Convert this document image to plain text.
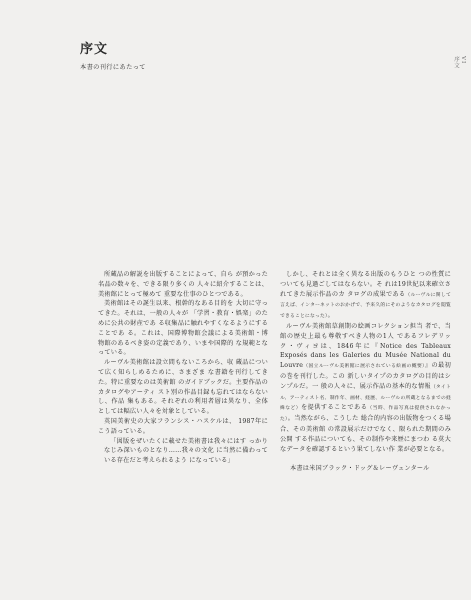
序文
本書の刊行にあたって
VI
序文

所蔵品の解説を出版することによって、自ら が預かった名品の数々を、できる限り多くの 人々に紹介することは、美術館にとって極めて 重要な仕事のひとつである。

美術館はその誕生以来、根幹的なある目的を 大切に守ってきた。それは、一般の人々が 「学習・教育・娯楽」のために公共の財産であ る収集品に触れやすくなるようにすることであ る。これは、国際博物館会議による美術館・博 物館のあるべき姿の定義であり、いまや国際的 な規範となっている。

ルーヴル美術館は設立間もないころから、収 蔵品について広く知らしめるために、さまざま な書籍を刊行してきた。特に重要なのは美術館 のガイドブックだ。主要作品のカタログやアーティ スト別の作品目録も忘れてはならないし、作品 集もある。それぞれの利用者層は異なり、全体 としては幅広い人々を対象としている。

英国美術史の大家フランシス・ハスケルは、 1987年にこう語っている。

「図版をぜいたくに載せた美術書は我々にはす っかりなじみ深いものとなり……我々の文化 に当然に備わっている存在だと考えられるよう になっている」

しかし、それとは全く異なる出版のもうひと つの性質についても見過ごしてはならない。そ れは19世紀以来確立されてきた展示作品のカ タログの成果である（ルーヴルに関して言えば、インターネットのおかげで、予来久的にそのようなカタログを閲覧できることになった）。

ルーヴル美術館草創期の絵画コレクション担当 者で、当館の歴史上最も尊敬すべき人物の1人 であるフレデリック・ヴィヨは、1846年に『Notice des Tableaux Exposés dans les Galeries du Musée National du Louvre（国立ルーヴル美術館に展示されている絵画の概要）』の最初の巻を刊行した。この 新しいタイプのカタログの目的はシンプルだ。一 般の人々に、展示作品の基本的な情報（タイトル、アーティスト名、制作年、画材、経歴、ルーヴルの所蔵となるまでの経緯など）を提供することである（当時、作品写真は提供されなかった）。当然ながら、こうした 総合的内容の出版物をつくる場合、その美術館 の常設展示だけでなく、限られた期間のみ公開 する作品についても、その制作や来歴にまつわ る莫大なデータを確認するという果てしない作 業が必要となる。

本書は米国ブラック・ドッグ＆レーヴェンタール
